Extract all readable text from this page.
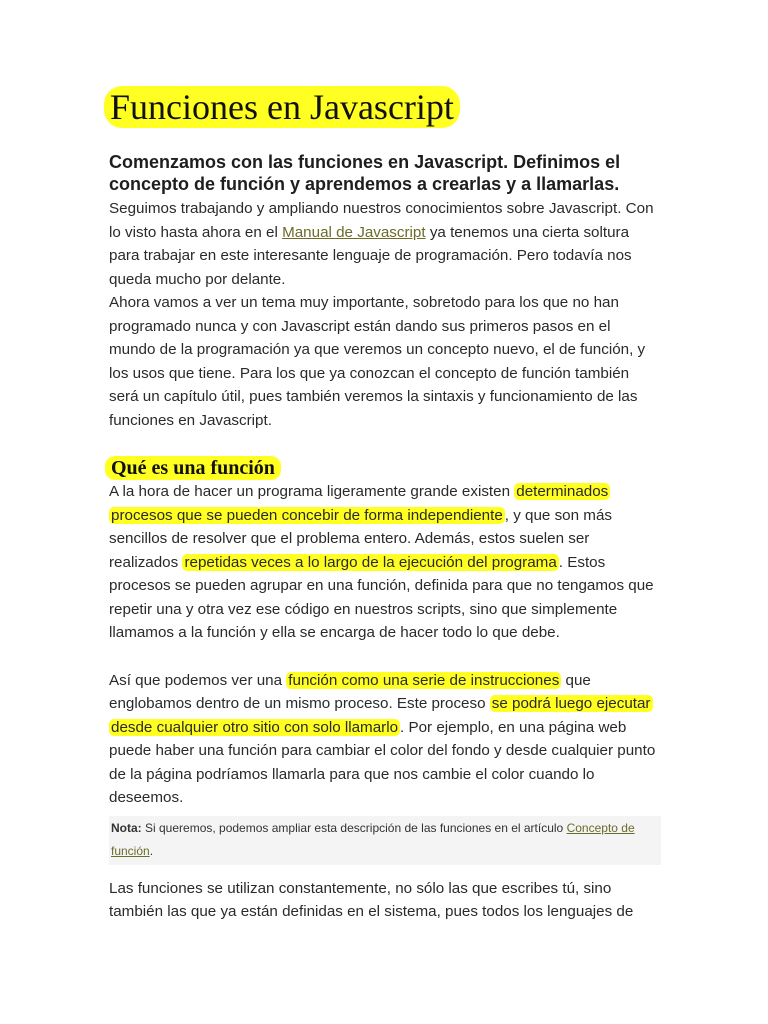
Funciones en Javascript
Comenzamos con las funciones en Javascript. Definimos el concepto de función y aprendemos a crearlas y a llamarlas.

Seguimos trabajando y ampliando nuestros conocimientos sobre Javascript. Con lo visto hasta ahora en el Manual de Javascript ya tenemos una cierta soltura para trabajar en este interesante lenguaje de programación. Pero todavía nos queda mucho por delante.

Ahora vamos a ver un tema muy importante, sobretodo para los que no han programado nunca y con Javascript están dando sus primeros pasos en el mundo de la programación ya que veremos un concepto nuevo, el de función, y los usos que tiene. Para los que ya conozcan el concepto de función también será un capítulo útil, pues también veremos la sintaxis y funcionamiento de las funciones en Javascript.

Qué es una función

A la hora de hacer un programa ligeramente grande existen determinados procesos que se pueden concebir de forma independiente , y que son más sencillos de resolver que el problema entero. Además, estos suelen ser realizados repetidas veces a lo largo de la ejecución del programa . Estos procesos se pueden agrupar en una función, definida para que no tengamos que repetir una y otra vez ese código en nuestros scripts, sino que simplemente llamamos a la función y ella se encarga de hacer todo lo que debe.

Así que podemos ver una función como una serie de instrucciones que englobamos dentro de un mismo proceso. Este proceso se podrá luego ejecutar desde cualquier otro sitio con solo llamarlo . Por ejemplo, en una página web puede haber una función para cambiar el color del fondo y desde cualquier punto de la página podríamos llamarla para que nos cambie el color cuando lo deseemos.

Nota: Si queremos, podemos ampliar esta descripción de las funciones en el artículo Concepto de función.

Las funciones se utilizan constantemente, no sólo las que escribes tú, sino también las que ya están definidas en el sistema, pues todos los lenguajes de
